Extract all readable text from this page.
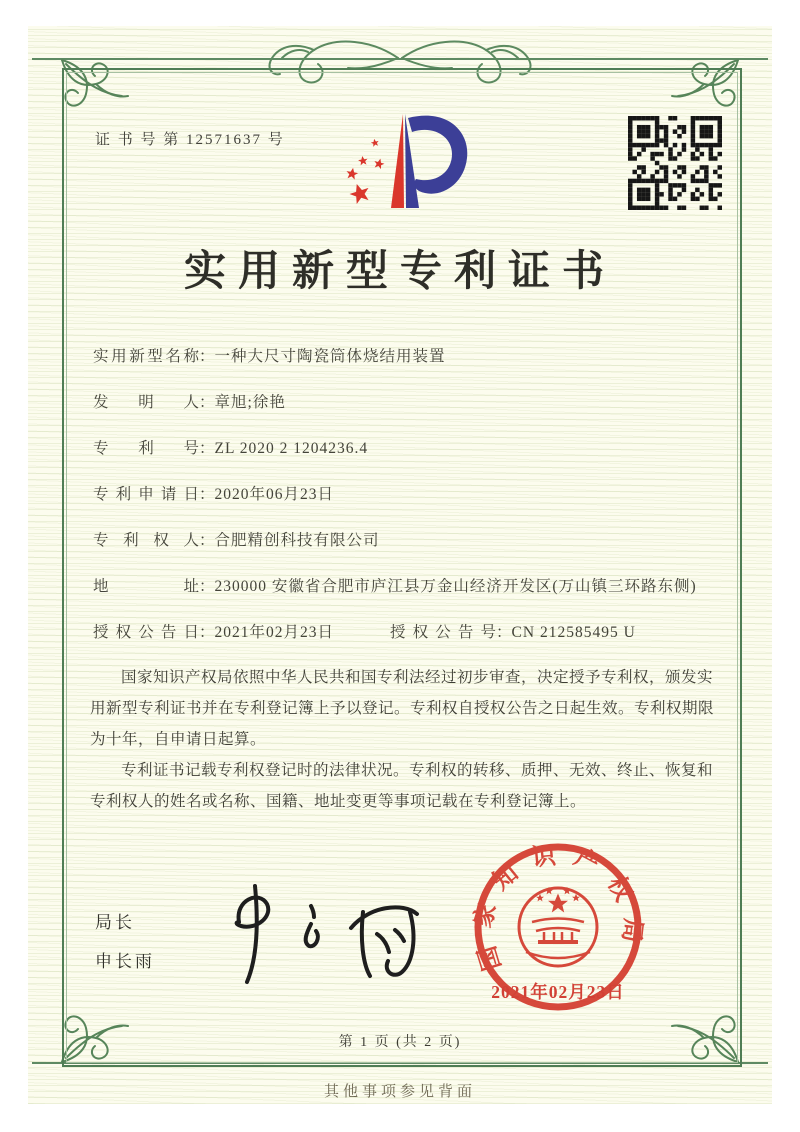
证 书 号 第 12571637 号
实用新型专利证书
实用新型名称 ： 一种大尺寸陶瓷筒体烧结用装置
发明人 ： 章旭;徐艳
专利号 ： ZL 2020 2 1204236.4
专利申请日 ： 2020年06月23日
专利权人 ： 合肥精创科技有限公司
地址 ： 230000 安徽省合肥市庐江县万金山经济开发区(万山镇三环路东侧)
授权公告日 ： 2021年02月23日	授权公告号 ： CN 212585495 U

国家知识产权局依照中华人民共和国专利法经过初步审查，决定授予专利权，颁发实用新型专利证书并在专利登记簿上予以登记。专利权自授权公告之日起生效。专利权期限为十年，自申请日起算。

专利证书记载专利权登记时的法律状况。专利权的转移、质押、无效、终止、恢复和专利权人的姓名或名称、国籍、地址变更等事项记载在专利登记簿上。

局长
申长雨	国家知识产权局
2021年02月23日
第 1 页 (共 2 页)
其他事项参见背面
